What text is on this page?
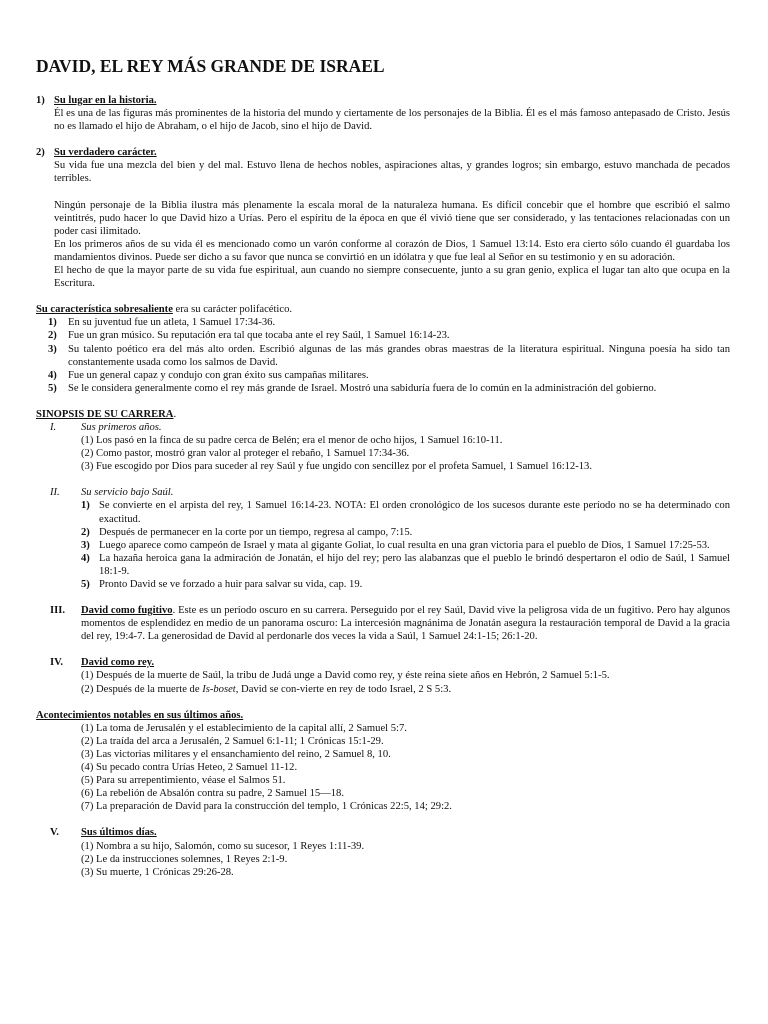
DAVID, EL REY MÁS GRANDE DE ISRAEL
1) Su lugar en la historia.

Él es una de las figuras más prominentes de la historia del mundo y ciertamente de los personajes de la Biblia. Él es el más famoso antepasado de Cristo. Jesús no es llamado el hijo de Abraham, o el hijo de Jacob, sino el hijo de David.

2) Su verdadero carácter.

Su vida fue una mezcla del bien y del mal. Estuvo llena de hechos nobles, aspiraciones altas, y grandes logros; sin embargo, estuvo manchada de pecados terribles.

Ningún personaje de la Biblia ilustra más plenamente la escala moral de la naturaleza humana. Es difícil concebir que el hombre que escribió el salmo veintitrés, pudo hacer lo que David hizo a Urías. Pero el espíritu de la época en que él vivió tiene que ser considerado, y las tentaciones relacionadas con un poder casi ilimitado.

En los primeros años de su vida él es mencionado como un varón conforme al corazón de Dios, 1 Samuel 13:14. Esto era cierto sólo cuando él guardaba los mandamientos divinos. Puede ser dicho a su favor que nunca se convirtió en un idólatra y que fue leal al Señor en su testimonio y en su adoración.

El hecho de que la mayor parte de su vida fue espiritual, aun cuando no siempre consecuente, junto a su gran genio, explica el lugar tan alto que ocupa en la Escritura.

Su característica sobresaliente era su carácter polifacético.
1)	En su juventud fue un atleta, 1 Samuel 17:34-36.
2)	Fue un gran músico. Su reputación era tal que tocaba ante el rey Saúl, 1 Samuel 16:14-23.
3)	Su talento poético era del más alto orden. Escribió algunas de las más grandes obras maestras de la literatura espiritual. Ninguna poesía ha sido tan constantemente usada como los salmos de David.
4)	Fue un general capaz y condujo con gran éxito sus campañas militares.
5)	Se le considera generalmente como el rey más grande de Israel. Mostró una sabiduría fuera de lo común en la administración del gobierno.
SINOPSIS DE SU CARRERA.
I.	Sus primeros años.
(1) Los pasó en la finca de su padre cerca de Belén; era el menor de ocho hijos, 1 Samuel 16:10-11.
(2) Como pastor, mostró gran valor al proteger el rebaño, 1 Samuel 17:34-36.
(3) Fue escogido por Dios para suceder al rey Saúl y fue ungido con sencillez por el profeta Samuel, 1 Samuel 16:12-13.
II.	Su servicio bajo Saúl.
1) Se convierte en el arpista del rey, 1 Samuel 16:14-23. NOTA: El orden cronológico de los sucesos durante este período no se ha determinado con exactitud.
2) Después de permanecer en la corte por un tiempo, regresa al campo, 7:15.
3) Luego aparece como campeón de Israel y mata al gigante Goliat, lo cual resulta en una gran victoria para el pueblo de Dios, 1 Samuel 17:25-53.
4) La hazaña heroica gana la admiración de Jonatán, el hijo del rey; pero las alabanzas que el pueblo le brindó despertaron el odio de Saúl, 1 Samuel 18:1-9.
5) Pronto David se ve forzado a huir para salvar su vida, cap. 19.
III.	David como fugitivo. Este es un período oscuro en su carrera. Perseguido por el rey Saúl, David vive la peligrosa vida de un fugitivo. Pero hay algunos momentos de esplendidez en medio de un panorama oscuro: La intercesión magnánima de Jonatán asegura la restauración temporal de David a la gracia del rey, 19:4-7. La generosidad de David al perdonarle dos veces la vida a Saúl, 1 Samuel 24:1-15; 26:1-20.

IV.	David como rey.
(1) Después de la muerte de Saúl, la tribu de Judá unge a David como rey, y éste reina siete años en Hebrón, 2 Samuel 5:1-5.
(2) Después de la muerte de Is-boset, David se con-vierte en rey de todo Israel, 2 S 5:3.
Acontecimientos notables en sus últimos años.
(1) La toma de Jerusalén y el establecimiento de la capital allí, 2 Samuel 5:7.
(2) La traída del arca a Jerusalén, 2 Samuel 6:1-11; 1 Crónicas 15:1-29.
(3) Las victorias militares y el ensanchamiento del reino, 2 Samuel 8, 10.
(4) Su pecado contra Urías Heteo, 2 Samuel 11-12.
(5) Para su arrepentimiento, véase el Salmos 51.
(6) La rebelión de Absalón contra su padre, 2 Samuel 15—18.
(7) La preparación de David para la construcción del templo, 1 Crónicas 22:5, 14; 29:2.
V.	Sus últimos días.
(1) Nombra a su hijo, Salomón, como su sucesor, 1 Reyes 1:11-39.
(2) Le da instrucciones solemnes, 1 Reyes 2:1-9.
(3) Su muerte, 1 Crónicas 29:26-28.
